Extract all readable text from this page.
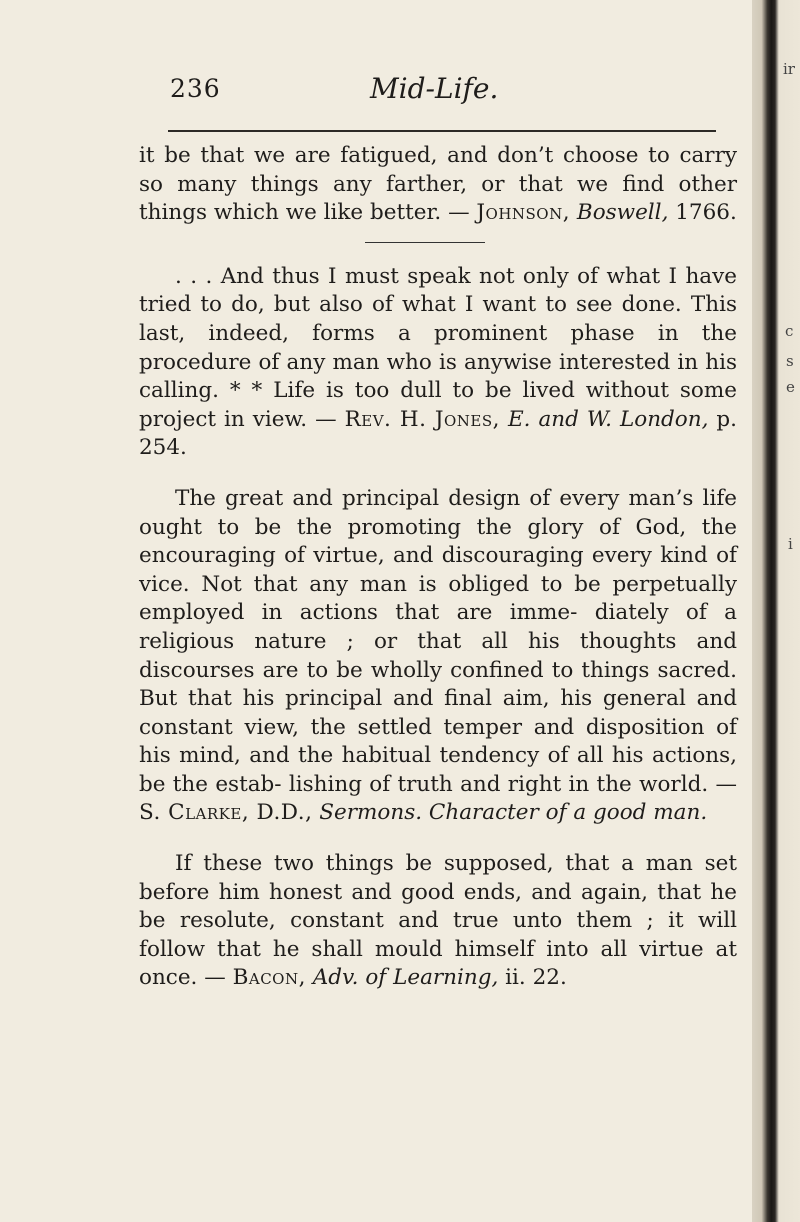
236	Mid-Life.

it be that we are fatigued, and don’t choose to carry so many things any farther, or that we find other things which we like better. — Johnson, Boswell, 1766.

. . . And thus I must speak not only of what I have tried to do, but also of what I want to see done. This last, indeed, forms a prominent phase in the procedure of any man who is anywise interested in his calling. * * Life is too dull to be lived without some project in view. — Rev. H. Jones, E. and W. London, p. 254.

The great and principal design of every man’s life ought to be the promoting the glory of God, the encouraging of virtue, and discouraging every kind of vice. Not that any man is obliged to be perpetually employed in actions that are imme- diately of a religious nature ; or that all his thoughts and discourses are to be wholly confined to things sacred. But that his principal and final aim, his general and constant view, the settled temper and disposition of his mind, and the habitual tendency of all his actions, be the estab- lishing of truth and right in the world. — S. Clarke, D.D., Sermons. Character of a good man.

If these two things be supposed, that a man set before him honest and good ends, and again, that he be resolute, constant and true unto them ; it will follow that he shall mould himself into all virtue at once. — Bacon, Adv. of Learning, ii. 22.

ir
c
s
e
i
